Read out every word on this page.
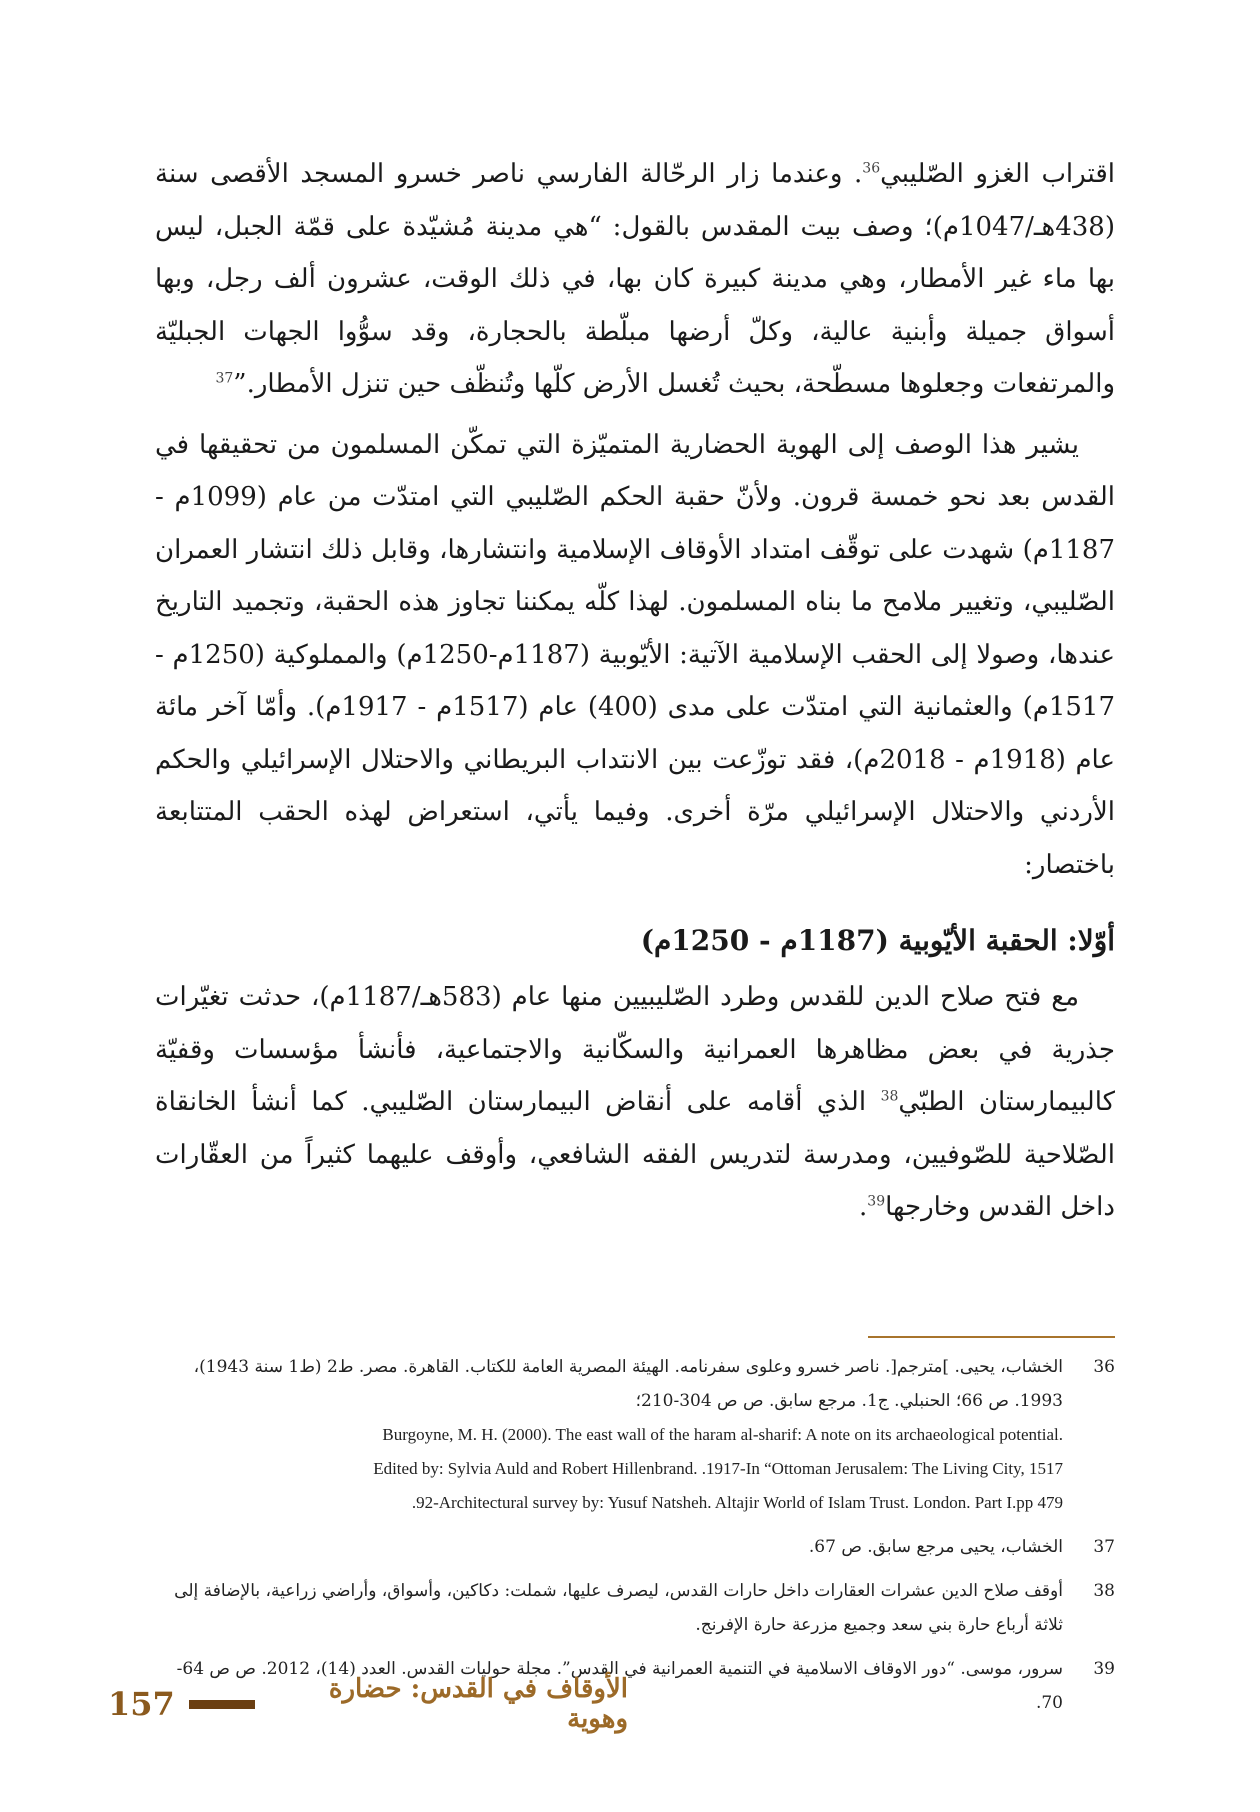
اقتراب الغزو الصّليبي$^{36}$. وعندما زار الرحّالة الفارسي ناصر خسرو المسجد الأقصى سنة (438هـ/1047م)؛ وصف بيت المقدس بالقول: “هي مدينة مُشيّدة على قمّة الجبل، ليس بها ماء غير الأمطار، وهي مدينة كبيرة كان بها، في ذلك الوقت، عشرون ألف رجل، وبها أسواق جميلة وأبنية عالية، وكلّ أرضها مبلّطة بالحجارة، وقد سوُّوا الجهات الجبليّة والمرتفعات وجعلوها مسطّحة، بحيث تُغسل الأرض كلّها وتُنظّف حين تنزل الأمطار.”$^{37}$

يشير هذا الوصف إلى الهوية الحضارية المتميّزة التي تمكّن المسلمون من تحقيقها في القدس بعد نحو خمسة قرون. ولأنّ حقبة الحكم الصّليبي التي امتدّت من عام (1099م - 1187م) شهدت على توقّف امتداد الأوقاف الإسلامية وانتشارها، وقابل ذلك انتشار العمران الصّليبي، وتغيير ملامح ما بناه المسلمون. لهذا كلّه يمكننا تجاوز هذه الحقبة، وتجميد التاريخ عندها، وصولا إلى الحقب الإسلامية الآتية: الأيّوبية (1187م-1250م) والمملوكية (1250م - 1517م) والعثمانية التي امتدّت على مدى (400) عام (1517م - 1917م). وأمّا آخر مائة عام (1918م - 2018م)، فقد توزّعت بين الانتداب البريطاني والاحتلال الإسرائيلي والحكم الأردني والاحتلال الإسرائيلي مرّة أخرى. وفيما يأتي، استعراض لهذه الحقب المتتابعة باختصار:

أوّلا: الحقبة الأيّوبية (1187م - 1250م)

مع فتح صلاح الدين للقدس وطرد الصّليبيين منها عام (583هـ/1187م)، حدثت تغيّرات جذرية في بعض مظاهرها العمرانية والسكّانية والاجتماعية، فأنشأ مؤسسات وقفيّة كالبيمارستان الطبّي$^{38}$ الذي أقامه على أنقاض البيمارستان الصّليبي. كما أنشأ الخانقاة الصّلاحية للصّوفيين، ومدرسة لتدريس الفقه الشافعي، وأوقف عليهما كثيراً من العقّارات داخل القدس وخارجها$^{39}$.

36
الخشاب، يحيى. ]مترجم[. ناصر خسرو وعلوى سفرنامه. الهيئة المصرية العامة للكتاب. القاهرة. مصر. ط2 (ط1 سنة 1943)،
1993. ص 66؛ الحنبلي. ج1. مرجع سابق. ص ص 304-210؛
Burgoyne, M. H. (2000). The east wall of the haram al-sharif: A note on its archaeological potential.
Edited by: Sylvia Auld and Robert Hillenbrand. .1917-In “Ottoman Jerusalem: The Living City, 1517
.92-Architectural survey by: Yusuf Natsheh. Altajir World of Islam Trust. London. Part I.pp 479
37
الخشاب، يحيى مرجع سابق. ص 67.
38
أوقف صلاح الدين عشرات العقارات داخل حارات القدس، ليصرف عليها، شملت: دكاكين، وأسواق، وأراضي زراعية، بالإضافة إلى
ثلاثة أرباع حارة بني سعد وجميع مزرعة حارة الإفرنج.
39
سرور، موسى. “دور الاوقاف الاسلامية في التنمية العمرانية في القدس”. مجلة حوليات القدس. العدد (14)، 2012. ص ص 64-70.
157	الأوقاف في القدس: حضارة وهوية
